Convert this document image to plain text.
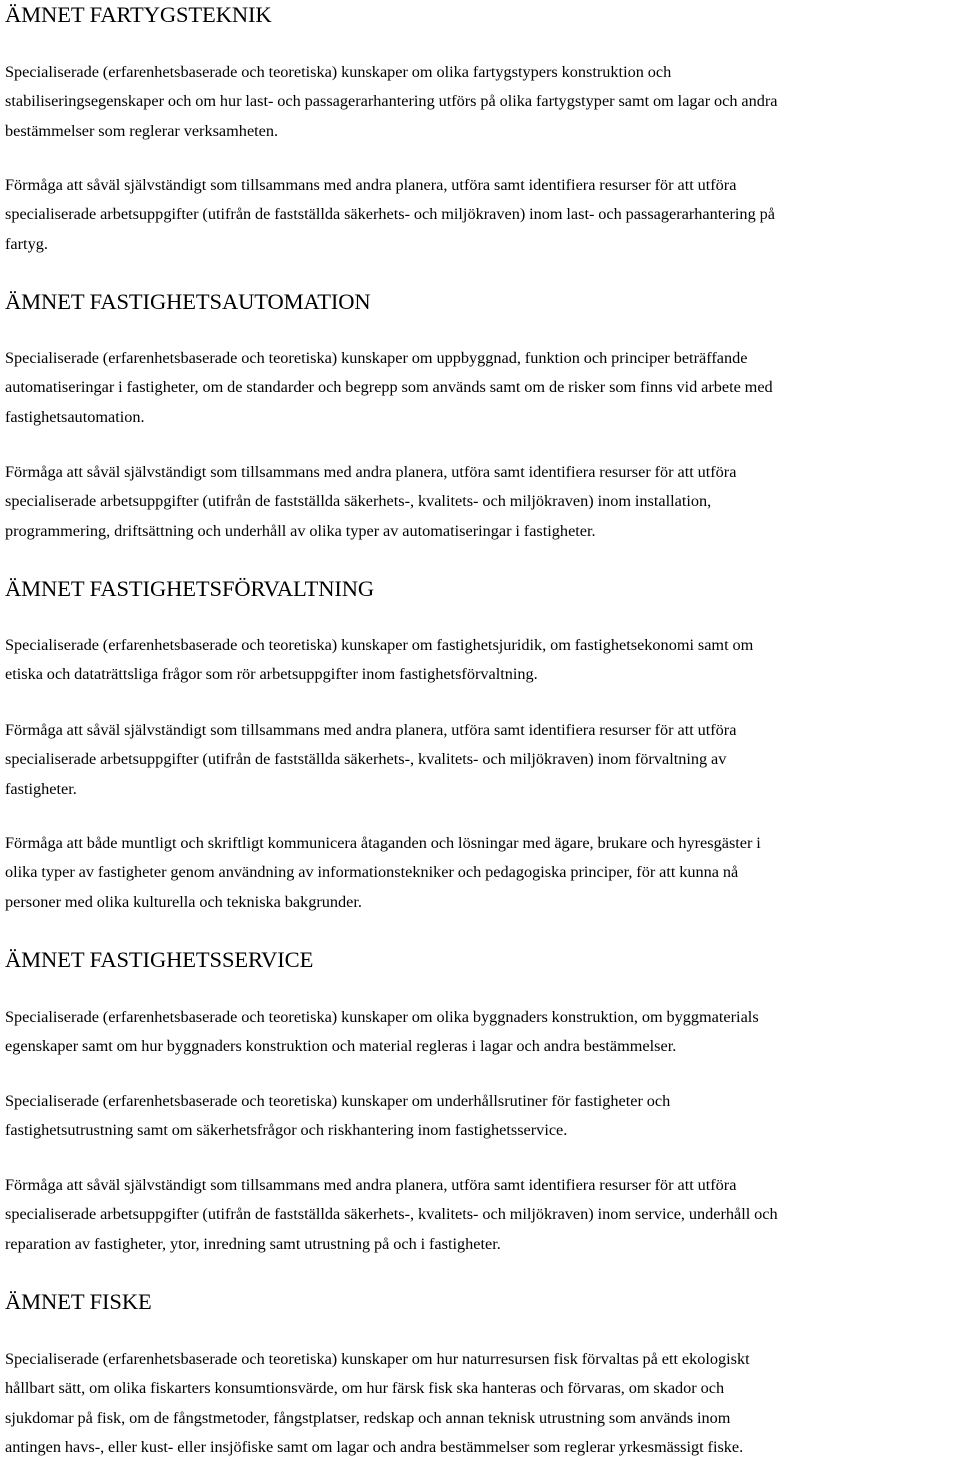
ÄMNET FARTYGSTEKNIK

Specialiserade (erfarenhetsbaserade och teoretiska) kunskaper om olika fartygstypers konstruktion och
stabiliseringsegenskaper och om hur last- och passagerarhantering utförs på olika fartygstyper samt om lagar och andra
bestämmelser som reglerar verksamheten.

Förmåga att såväl självständigt som tillsammans med andra planera, utföra samt identifiera resurser för att utföra
specialiserade arbetsuppgifter (utifrån de fastställda säkerhets- och miljökraven) inom last- och passagerarhantering på
fartyg.

ÄMNET FASTIGHETSAUTOMATION

Specialiserade (erfarenhetsbaserade och teoretiska) kunskaper om uppbyggnad, funktion och principer beträffande
automatiseringar i fastigheter, om de standarder och begrepp som används samt om de risker som finns vid arbete med
fastighetsautomation.

Förmåga att såväl självständigt som tillsammans med andra planera, utföra samt identifiera resurser för att utföra
specialiserade arbetsuppgifter (utifrån de fastställda säkerhets-, kvalitets- och miljökraven) inom installation,
programmering, driftsättning och underhåll av olika typer av automatiseringar i fastigheter.

ÄMNET FASTIGHETSFÖRVALTNING

Specialiserade (erfarenhetsbaserade och teoretiska) kunskaper om fastighetsjuridik, om fastighetsekonomi samt om
etiska och dataträttsliga frågor som rör arbetsuppgifter inom fastighetsförvaltning.

Förmåga att såväl självständigt som tillsammans med andra planera, utföra samt identifiera resurser för att utföra
specialiserade arbetsuppgifter (utifrån de fastställda säkerhets-, kvalitets- och miljökraven) inom förvaltning av
fastigheter.

Förmåga att både muntligt och skriftligt kommunicera åtaganden och lösningar med ägare, brukare och hyresgäster i
olika typer av fastigheter genom användning av informationstekniker och pedagogiska principer, för att kunna nå
personer med olika kulturella och tekniska bakgrunder.

ÄMNET FASTIGHETSSERVICE

Specialiserade (erfarenhetsbaserade och teoretiska) kunskaper om olika byggnaders konstruktion, om byggmaterials
egenskaper samt om hur byggnaders konstruktion och material regleras i lagar och andra bestämmelser.

Specialiserade (erfarenhetsbaserade och teoretiska) kunskaper om underhållsrutiner för fastigheter och
fastighetsutrustning samt om säkerhetsfrågor och riskhantering inom fastighetsservice.

Förmåga att såväl självständigt som tillsammans med andra planera, utföra samt identifiera resurser för att utföra
specialiserade arbetsuppgifter (utifrån de fastställda säkerhets-, kvalitets- och miljökraven) inom service, underhåll och
reparation av fastigheter, ytor, inredning samt utrustning på och i fastigheter.

ÄMNET FISKE

Specialiserade (erfarenhetsbaserade och teoretiska) kunskaper om hur naturresursen fisk förvaltas på ett ekologiskt
hållbart sätt, om olika fiskarters konsumtionsvärde, om hur färsk fisk ska hanteras och förvaras, om skador och
sjukdomar på fisk, om de fångstmetoder, fångstplatser, redskap och annan teknisk utrustning som används inom
antingen havs-, eller kust- eller insjöfiske samt om lagar och andra bestämmelser som reglerar yrkesmässigt fiske.
